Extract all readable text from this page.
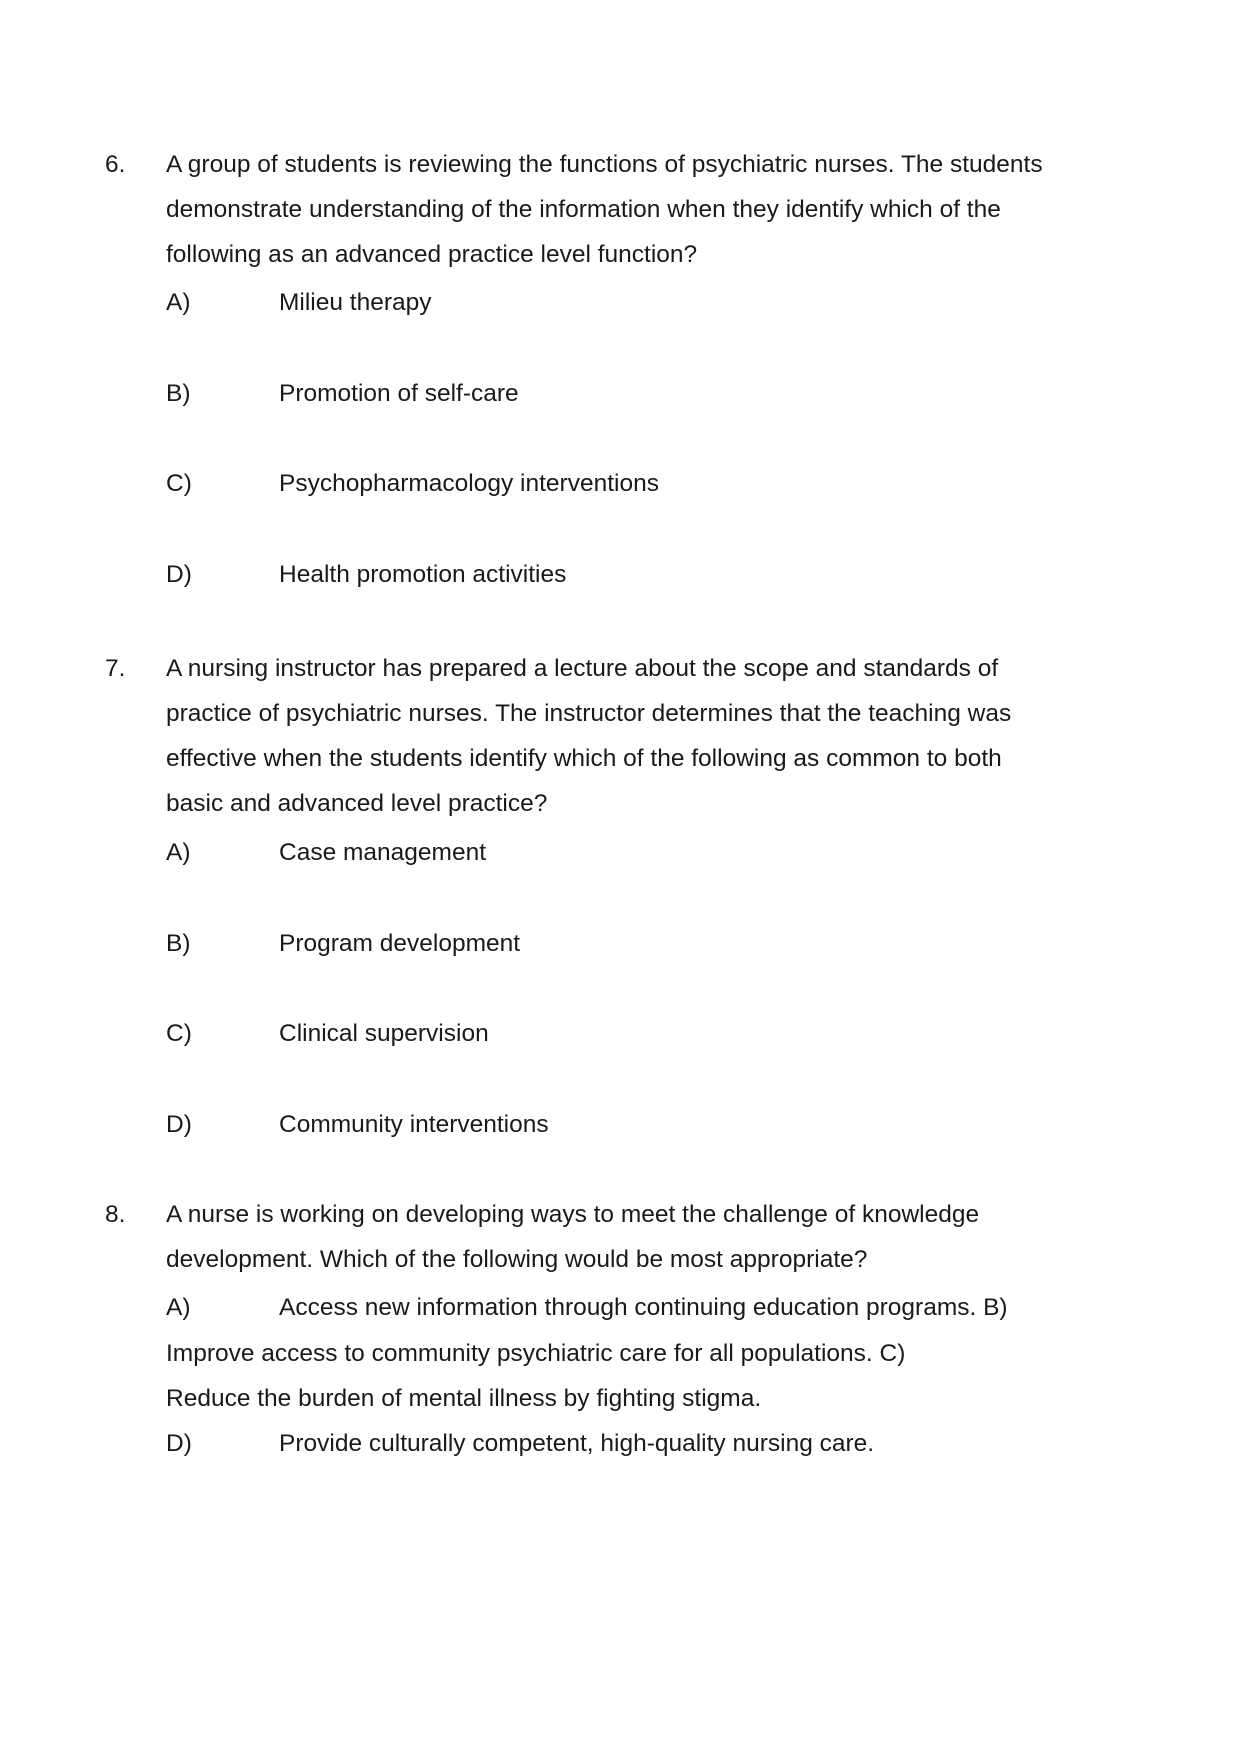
6. A group of students is reviewing the functions of psychiatric nurses. The students
demonstrate understanding of the information when they identify which of the
following as an advanced practice level function?
A)	Milieu therapy
B)	Promotion of self-care
C)	Psychopharmacology interventions
D)	Health promotion activities
7. A nursing instructor has prepared a lecture about the scope and standards of
practice of psychiatric nurses. The instructor determines that the teaching was
effective when the students identify which of the following as common to both
basic and advanced level practice?
A)	Case management
B)	Program development
C)	Clinical supervision
D)	Community interventions
8. A nurse is working on developing ways to meet the challenge of knowledge
development. Which of the following would be most appropriate?
A)	Access new information through continuing education programs. B)
Improve access to community psychiatric care for all populations. C)
Reduce the burden of mental illness by fighting stigma.
D)	Provide culturally competent, high-quality nursing care.
